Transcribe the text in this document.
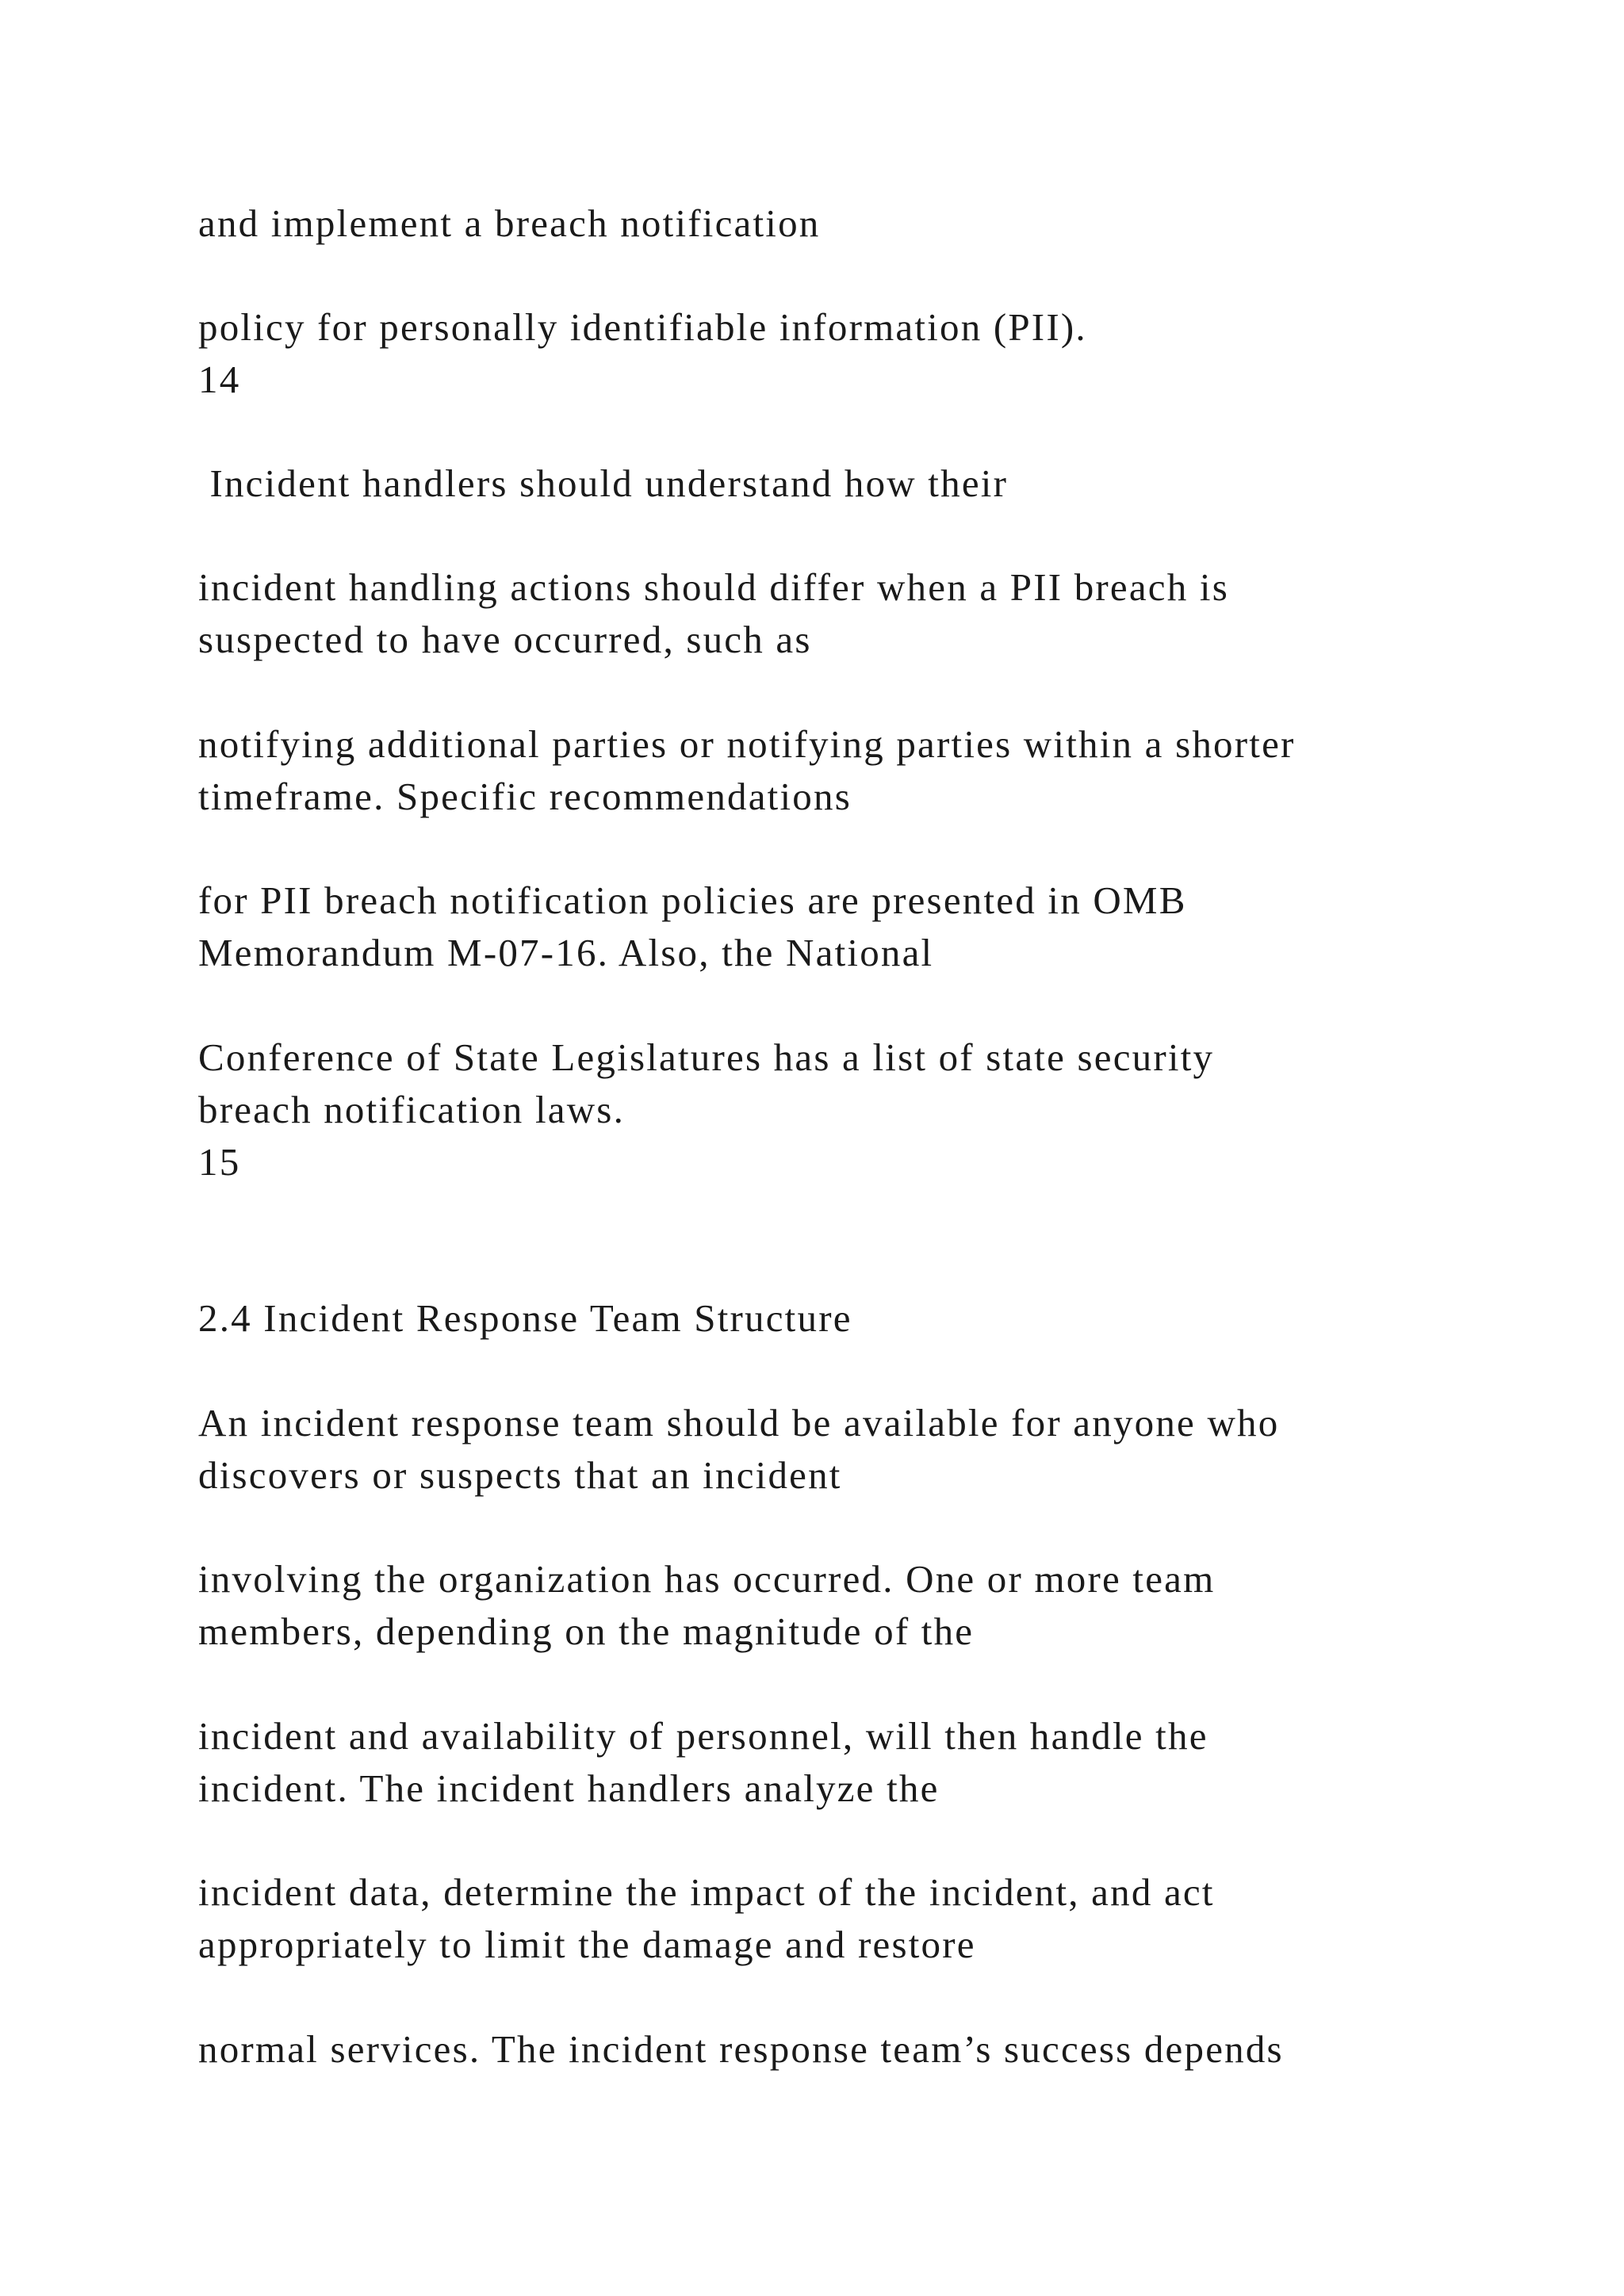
and implement a breach notification
policy for personally identifiable information (PII).
14
Incident handlers should understand how their
incident handling actions should differ when a PII breach is
suspected to have occurred, such as
notifying additional parties or notifying parties within a shorter
timeframe. Specific recommendations
for PII breach notification policies are presented in OMB
Memorandum M-07-16. Also, the National
Conference of State Legislatures has a list of state security
breach notification laws.
15
2.4 Incident Response Team Structure
An incident response team should be available for anyone who
discovers or suspects that an incident
involving the organization has occurred. One or more team
members, depending on the magnitude of the
incident and availability of personnel, will then handle the
incident. The incident handlers analyze the
incident data, determine the impact of the incident, and act
appropriately to limit the damage and restore
normal services. The incident response team’s success depends
